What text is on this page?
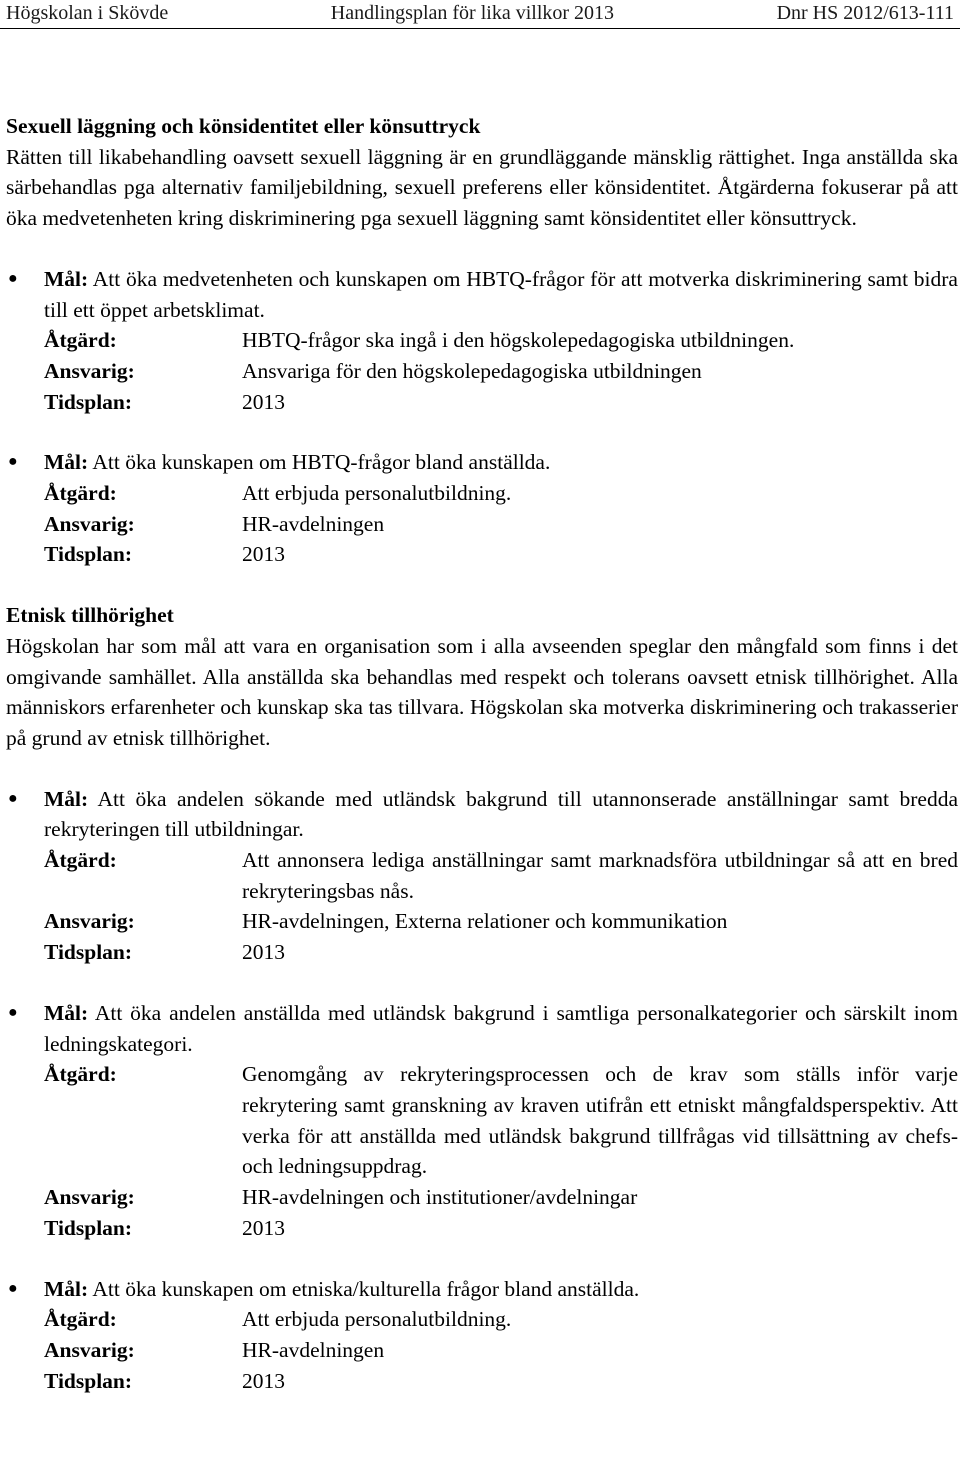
Högskolan i Skövde	Handlingsplan för lika villkor 2013	Dnr HS 2012/613-111

Sexuell läggning och könsidentitet eller könsuttryck

Rätten till likabehandling oavsett sexuell läggning är en grundläggande mänsklig rättighet. Inga anställda ska särbehandlas pga alternativ familjebildning, sexuell preferens eller könsidentitet. Åtgärderna fokuserar på att öka medvetenheten kring diskriminering pga sexuell läggning samt könsidentitet eller könsuttryck.

● Mål: Att öka medvetenheten och kunskapen om HBTQ-frågor för att motverka diskriminering samt bidra till ett öppet arbetsklimat.

Åtgärd:	HBTQ-frågor ska ingå i den högskolepedagogiska utbildningen.
Ansvarig:	Ansvariga för den högskolepedagogiska utbildningen
Tidsplan:	2013
● Mål: Att öka kunskapen om HBTQ-frågor bland anställda.

Åtgärd:	Att erbjuda personalutbildning.
Ansvarig:	HR-avdelningen
Tidsplan:	2013

Etnisk tillhörighet

Högskolan har som mål att vara en organisation som i alla avseenden speglar den mångfald som finns i det omgivande samhället. Alla anställda ska behandlas med respekt och tolerans oavsett etnisk tillhörighet. Alla människors erfarenheter och kunskap ska tas tillvara. Högskolan ska motverka diskriminering och trakasserier på grund av etnisk tillhörighet.

● Mål: Att öka andelen sökande med utländsk bakgrund till utannonserade anställningar samt bredda rekryteringen till utbildningar.

Åtgärd:	Att annonsera lediga anställningar samt marknadsföra utbildningar så att en bred rekryteringsbas nås.
Ansvarig:	HR-avdelningen, Externa relationer och kommunikation
Tidsplan:	2013
● Mål: Att öka andelen anställda med utländsk bakgrund i samtliga personalkategorier och särskilt inom ledningskategori.

Åtgärd:	Genomgång av rekryteringsprocessen och de krav som ställs inför varje rekrytering samt granskning av kraven utifrån ett etniskt mångfaldsperspektiv. Att verka för att anställda med utländsk bakgrund tillfrågas vid tillsättning av chefs- och ledningsuppdrag.
Ansvarig:	HR-avdelningen och institutioner/avdelningar
Tidsplan:	2013
● Mål: Att öka kunskapen om etniska/kulturella frågor bland anställda.

Åtgärd:	Att erbjuda personalutbildning.
Ansvarig:	HR-avdelningen
Tidsplan:	2013
